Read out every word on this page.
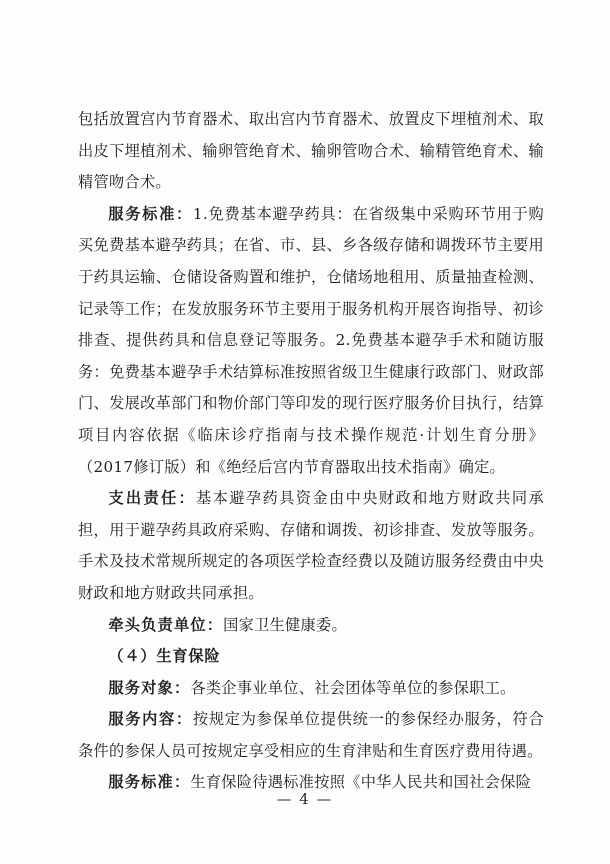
包括放置宫内节育器术、取出宫内节育器术、放置皮下埋植剂术、取出皮下埋植剂术、输卵管绝育术、输卵管吻合术、输精管绝育术、输精管吻合术。

服务标准：1.免费基本避孕药具：在省级集中采购环节用于购买免费基本避孕药具；在省、市、县、乡各级存储和调拨环节主要用于药具运输、仓储设备购置和维护，仓储场地租用、质量抽查检测、记录等工作；在发放服务环节主要用于服务机构开展咨询指导、初诊排查、提供药具和信息登记等服务。2.免费基本避孕手术和随访服务：免费基本避孕手术结算标准按照省级卫生健康行政部门、财政部门、发展改革部门和物价部门等印发的现行医疗服务价目执行，结算项目内容依据《临床诊疗指南与技术操作规范·计划生育分册》（2017修订版）和《绝经后宫内节育器取出技术指南》确定。

支出责任：基本避孕药具资金由中央财政和地方财政共同承担，用于避孕药具政府采购、存储和调拨、初诊排查、发放等服务。手术及技术常规所规定的各项医学检查经费以及随访服务经费由中央财政和地方财政共同承担。

牵头负责单位：国家卫生健康委。

（４）生育保险

服务对象：各类企事业单位、社会团体等单位的参保职工。

服务内容：按规定为参保单位提供统一的参保经办服务，符合条件的参保人员可按规定享受相应的生育津贴和生育医疗费用待遇。

服务标准：生育保险待遇标准按照《中华人民共和国社会保险

— 4 —
